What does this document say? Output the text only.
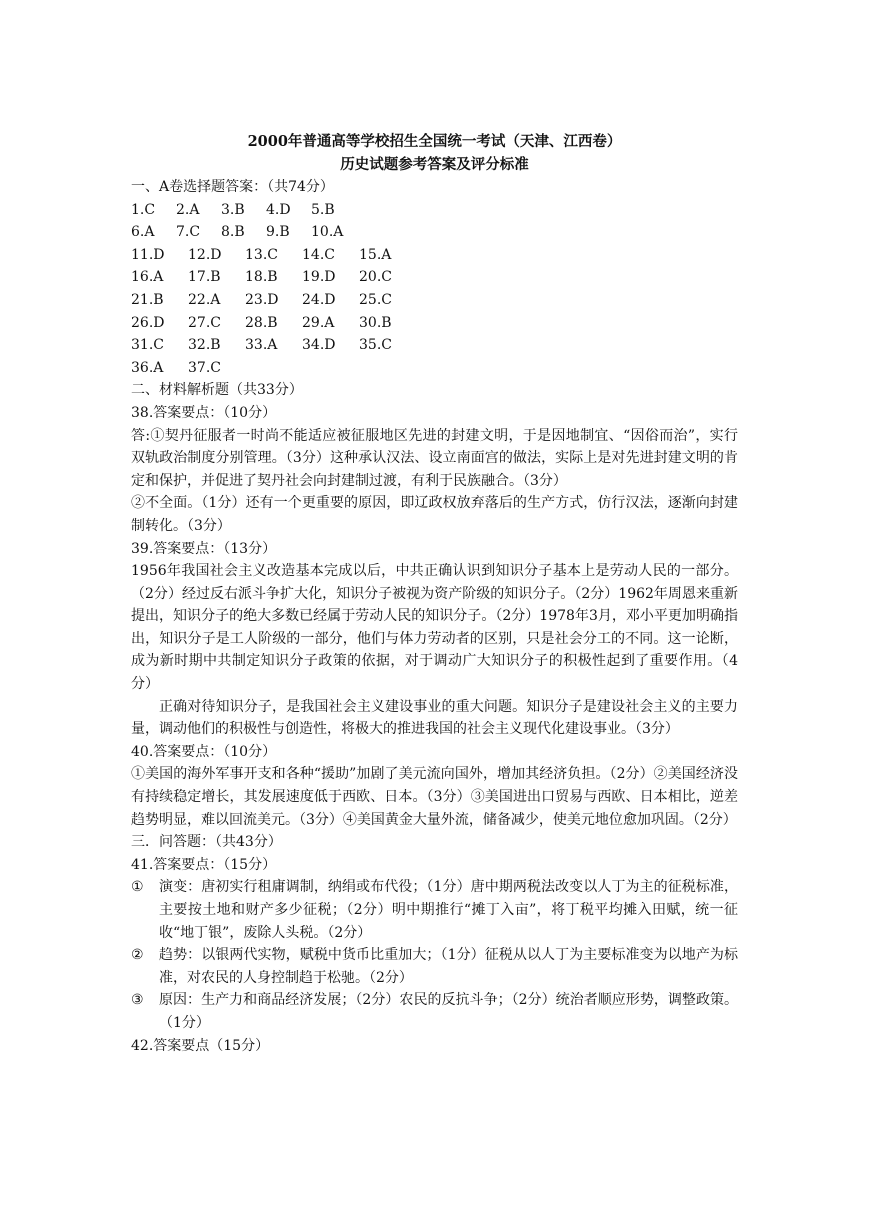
2000年普通高等学校招生全国统一考试（天津、江西卷）

历史试题参考答案及评分标准

一、A卷选择题答案：（共74分）

1.C	2.A	3.B	4.D	5.B
6.A	7.C	8.B	9.B	10.A
11.D	12.D	13.C	14.C	15.A
16.A	17.B	18.B	19.D	20.C
21.B	22.A	23.D	24.D	25.C
26.D	27.C	28.B	29.A	30.B
31.C	32.B	33.A	34.D	35.C
36.A	37.C

二、材料解析题（共33分）

38.答案要点：（10分）

答:①契丹征服者一时尚不能适应被征服地区先进的封建文明，于是因地制宜、“因俗而治”，实行双轨政治制度分别管理。（3分）这种承认汉法、设立南面宫的做法，实际上是对先进封建文明的肯定和保护，并促进了契丹社会向封建制过渡，有利于民族融合。（3分）

②不全面。（1分）还有一个更重要的原因，即辽政权放弃落后的生产方式，仿行汉法，逐渐向封建制转化。（3分）

39.答案要点：（13分）

1956年我国社会主义改造基本完成以后，中共正确认识到知识分子基本上是劳动人民的一部分。（2分）经过反右派斗争扩大化，知识分子被视为资产阶级的知识分子。（2分）1962年周恩来重新提出，知识分子的绝大多数已经属于劳动人民的知识分子。（2分）1978年3月，邓小平更加明确指出，知识分子是工人阶级的一部分，他们与体力劳动者的区别，只是社会分工的不同。这一论断，成为新时期中共制定知识分子政策的依据，对于调动广大知识分子的积极性起到了重要作用。（4分）

正确对待知识分子，是我国社会主义建设事业的重大问题。知识分子是建设社会主义的主要力量，调动他们的积极性与创造性，将极大的推进我国的社会主义现代化建设事业。（3分）

40.答案要点：（10分）

①美国的海外军事开支和各种“援助”加剧了美元流向国外，增加其经济负担。（2分）②美国经济没有持续稳定增长，其发展速度低于西欧、日本。（3分）③美国进出口贸易与西欧、日本相比，逆差趋势明显，难以回流美元。（3分）④美国黄金大量外流，储备减少，使美元地位愈加巩固。（2分）

三．问答题：（共43分）

41.答案要点：（15分）

①	演变：唐初实行租庸调制，纳绢或布代役；（1分）唐中期两税法改变以人丁为主的征税标准，主要按土地和财产多少征税；（2分）明中期推行“摊丁入亩”，将丁税平均摊入田赋，统一征收“地丁银”，废除人头税。（2分）
②	趋势：以银两代实物，赋税中货币比重加大；（1分）征税从以人丁为主要标准变为以地产为标准，对农民的人身控制趋于松驰。（2分）
③	原因：生产力和商品经济发展；（2分）农民的反抗斗争；（2分）统治者顺应形势，调整政策。（1分）

42.答案要点（15分）
